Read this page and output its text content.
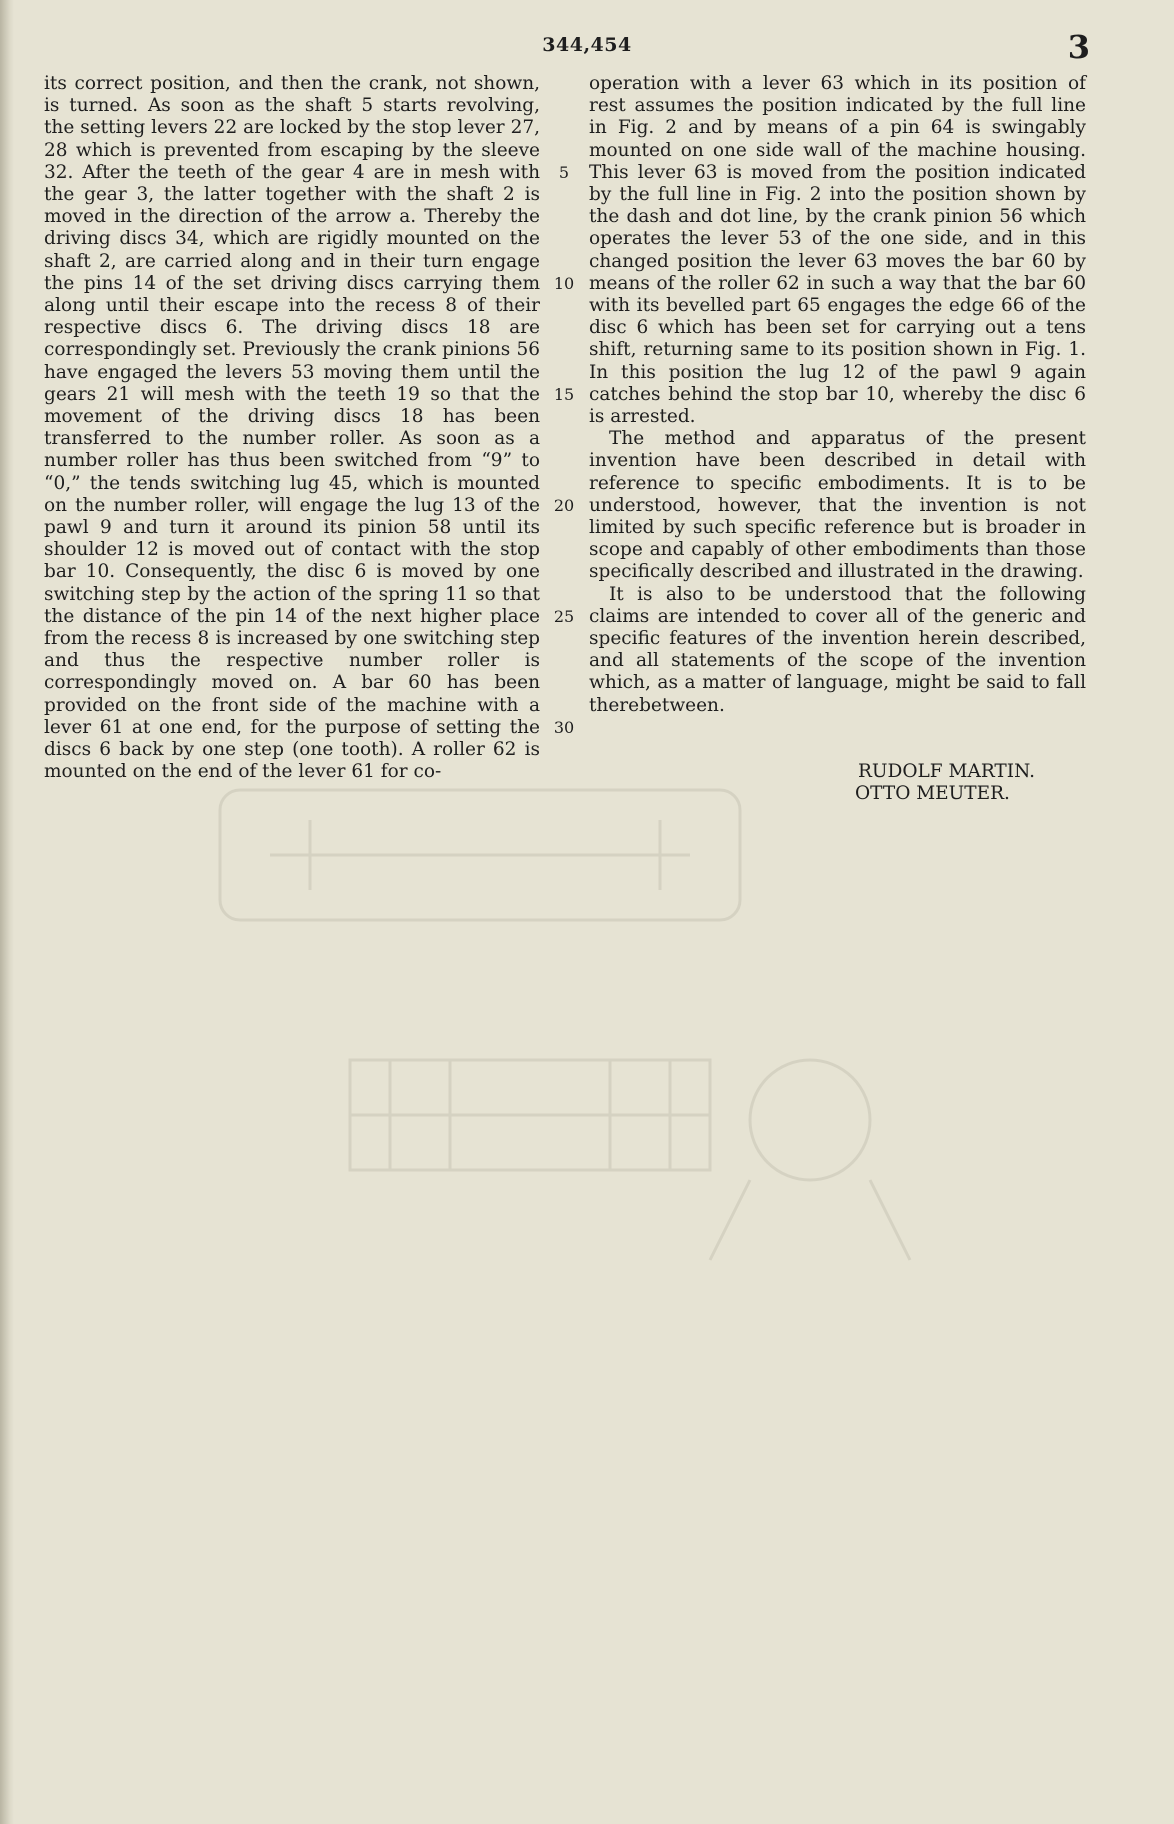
344,454	3

its correct position, and then the crank, not shown, is turned. As soon as the shaft 5 starts revolving, the setting levers 22 are locked by the stop lever 27, 28 which is prevented from escaping by the sleeve 32. After the teeth of the gear 4 are in mesh with the gear 3, the latter together with the shaft 2 is moved in the direction of the arrow a. Thereby the driving discs 34, which are rigidly mounted on the shaft 2, are carried along and in their turn engage the pins 14 of the set driving discs carrying them along until their escape into the recess 8 of their respective discs 6. The driving discs 18 are correspondingly set. Previously the crank pinions 56 have engaged the levers 53 moving them until the gears 21 will mesh with the teeth 19 so that the movement of the driving discs 18 has been transferred to the number roller. As soon as a number roller has thus been switched from “9” to “0,” the tends switching lug 45, which is mounted on the number roller, will engage the lug 13 of the pawl 9 and turn it around its pinion 58 until its shoulder 12 is moved out of contact with the stop bar 10. Consequently, the disc 6 is moved by one switching step by the action of the spring 11 so that the distance of the pin 14 of the next higher place from the recess 8 is increased by one switching step and thus the respective number roller is correspondingly moved on. A bar 60 has been provided on the front side of the machine with a lever 61 at one end, for the purpose of setting the discs 6 back by one step (one tooth). A roller 62 is mounted on the end of the lever 61 for co-

5
10
15
20
25
30

operation with a lever 63 which in its position of rest assumes the position indicated by the full line in Fig. 2 and by means of a pin 64 is swingably mounted on one side wall of the machine housing. This lever 63 is moved from the position indicated by the full line in Fig. 2 into the position shown by the dash and dot line, by the crank pinion 56 which operates the lever 53 of the one side, and in this changed position the lever 63 moves the bar 60 by means of the roller 62 in such a way that the bar 60 with its bevelled part 65 engages the edge 66 of the disc 6 which has been set for carrying out a tens shift, returning same to its position shown in Fig. 1. In this position the lug 12 of the pawl 9 again catches behind the stop bar 10, whereby the disc 6 is arrested.

The method and apparatus of the present invention have been described in detail with reference to specific embodiments. It is to be understood, however, that the invention is not limited by such specific reference but is broader in scope and capably of other embodiments than those specifically described and illustrated in the drawing.

It is also to be understood that the following claims are intended to cover all of the generic and specific features of the invention herein described, and all statements of the scope of the invention which, as a matter of language, might be said to fall therebetween.

RUDOLF MARTIN.
OTTO MEUTER.
